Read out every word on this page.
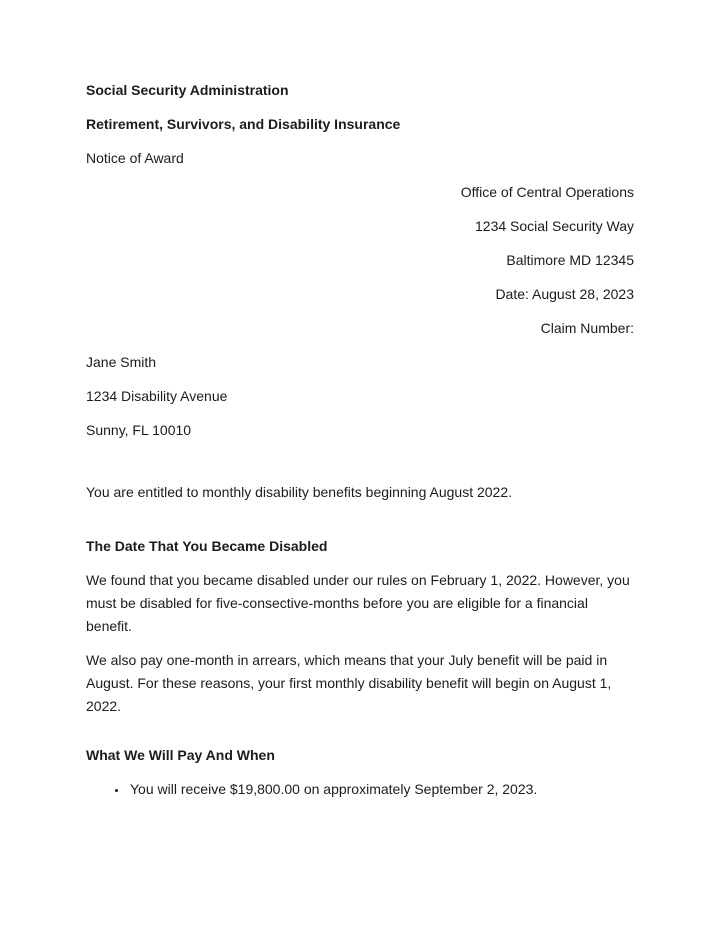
Social Security Administration

Retirement, Survivors, and Disability Insurance

Notice of Award

Office of Central Operations

1234 Social Security Way

Baltimore MD 12345

Date: August 28, 2023

Claim Number:

Jane Smith

1234 Disability Avenue

Sunny, FL 10010

You are entitled to monthly disability benefits beginning August 2022.

The Date That You Became Disabled

We found that you became disabled under our rules on February 1, 2022. However, you must be disabled for five-consective-months before you are eligible for a financial benefit.

We also pay one-month in arrears, which means that your July benefit will be paid in August. For these reasons, your first monthly disability benefit will begin on August 1, 2022.

What We Will Pay And When

• You will receive $19,800.00 on approximately September 2, 2023.
